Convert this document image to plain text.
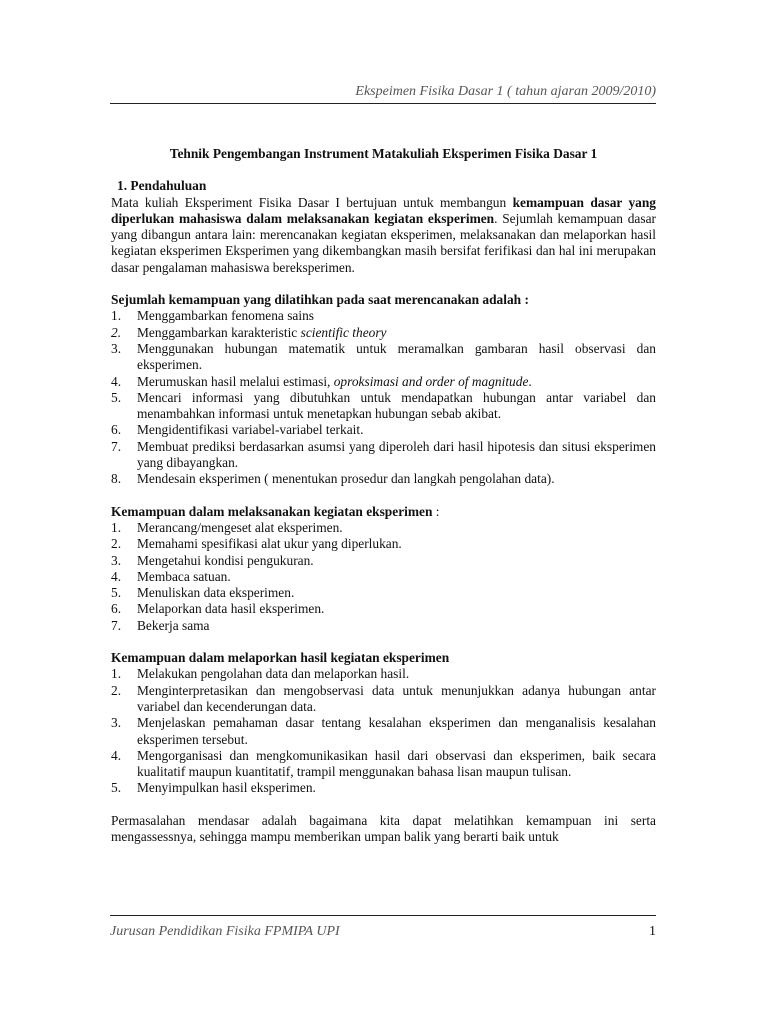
Ekspeimen Fisika Dasar 1 ( tahun ajaran 2009/2010)

Tehnik Pengembangan Instrument Matakuliah Eksperimen Fisika Dasar 1

1. Pendahuluan

Mata kuliah Eksperiment Fisika Dasar I bertujuan untuk membangun kemampuan dasar yang diperlukan mahasiswa dalam melaksanakan kegiatan eksperimen. Sejumlah kemampuan dasar yang dibangun antara lain: merencanakan kegiatan eksperimen, melaksanakan dan melaporkan hasil kegiatan eksperimen Eksperimen yang dikembangkan masih bersifat ferifikasi dan hal ini merupakan dasar pengalaman mahasiswa bereksperimen.

Sejumlah kemampuan yang dilatihkan pada saat merencanakan adalah :

1.	Menggambarkan fenomena sains
2.	Menggambarkan karakteristic scientific theory
3.	Menggunakan hubungan matematik untuk meramalkan gambaran hasil observasi dan eksperimen.
4.	Merumuskan hasil melalui estimasi, oproksimasi and order of magnitude.
5.	Mencari informasi yang dibutuhkan untuk mendapatkan hubungan antar variabel dan menambahkan informasi untuk menetapkan hubungan sebab akibat.
6.	Mengidentifikasi variabel-variabel terkait.
7.	Membuat prediksi berdasarkan asumsi yang diperoleh dari hasil hipotesis dan situsi eksperimen yang dibayangkan.
8.	Mendesain eksperimen ( menentukan prosedur dan langkah pengolahan data).

Kemampuan dalam melaksanakan kegiatan eksperimen :

1.	Merancang/mengeset alat eksperimen.
2.	Memahami spesifikasi alat ukur yang diperlukan.
3.	Mengetahui kondisi pengukuran.
4.	Membaca satuan.
5.	Menuliskan data eksperimen.
6.	Melaporkan data hasil eksperimen.
7.	Bekerja sama

Kemampuan dalam melaporkan hasil kegiatan eksperimen

1.	Melakukan pengolahan data dan melaporkan hasil.
2.	Menginterpretasikan dan mengobservasi data untuk menunjukkan adanya hubungan antar variabel dan kecenderungan data.
3.	Menjelaskan pemahaman dasar tentang kesalahan eksperimen dan menganalisis kesalahan eksperimen tersebut.
4.	Mengorganisasi dan mengkomunikasikan hasil dari observasi dan eksperimen, baik secara kualitatif maupun kuantitatif, trampil menggunakan bahasa lisan maupun tulisan.
5.	Menyimpulkan hasil eksperimen.

Permasalahan mendasar adalah bagaimana kita dapat melatihkan kemampuan ini serta mengassessnya, sehingga mampu memberikan umpan balik yang berarti baik untuk

Jurusan Pendidikan Fisika FPMIPA UPI	1
